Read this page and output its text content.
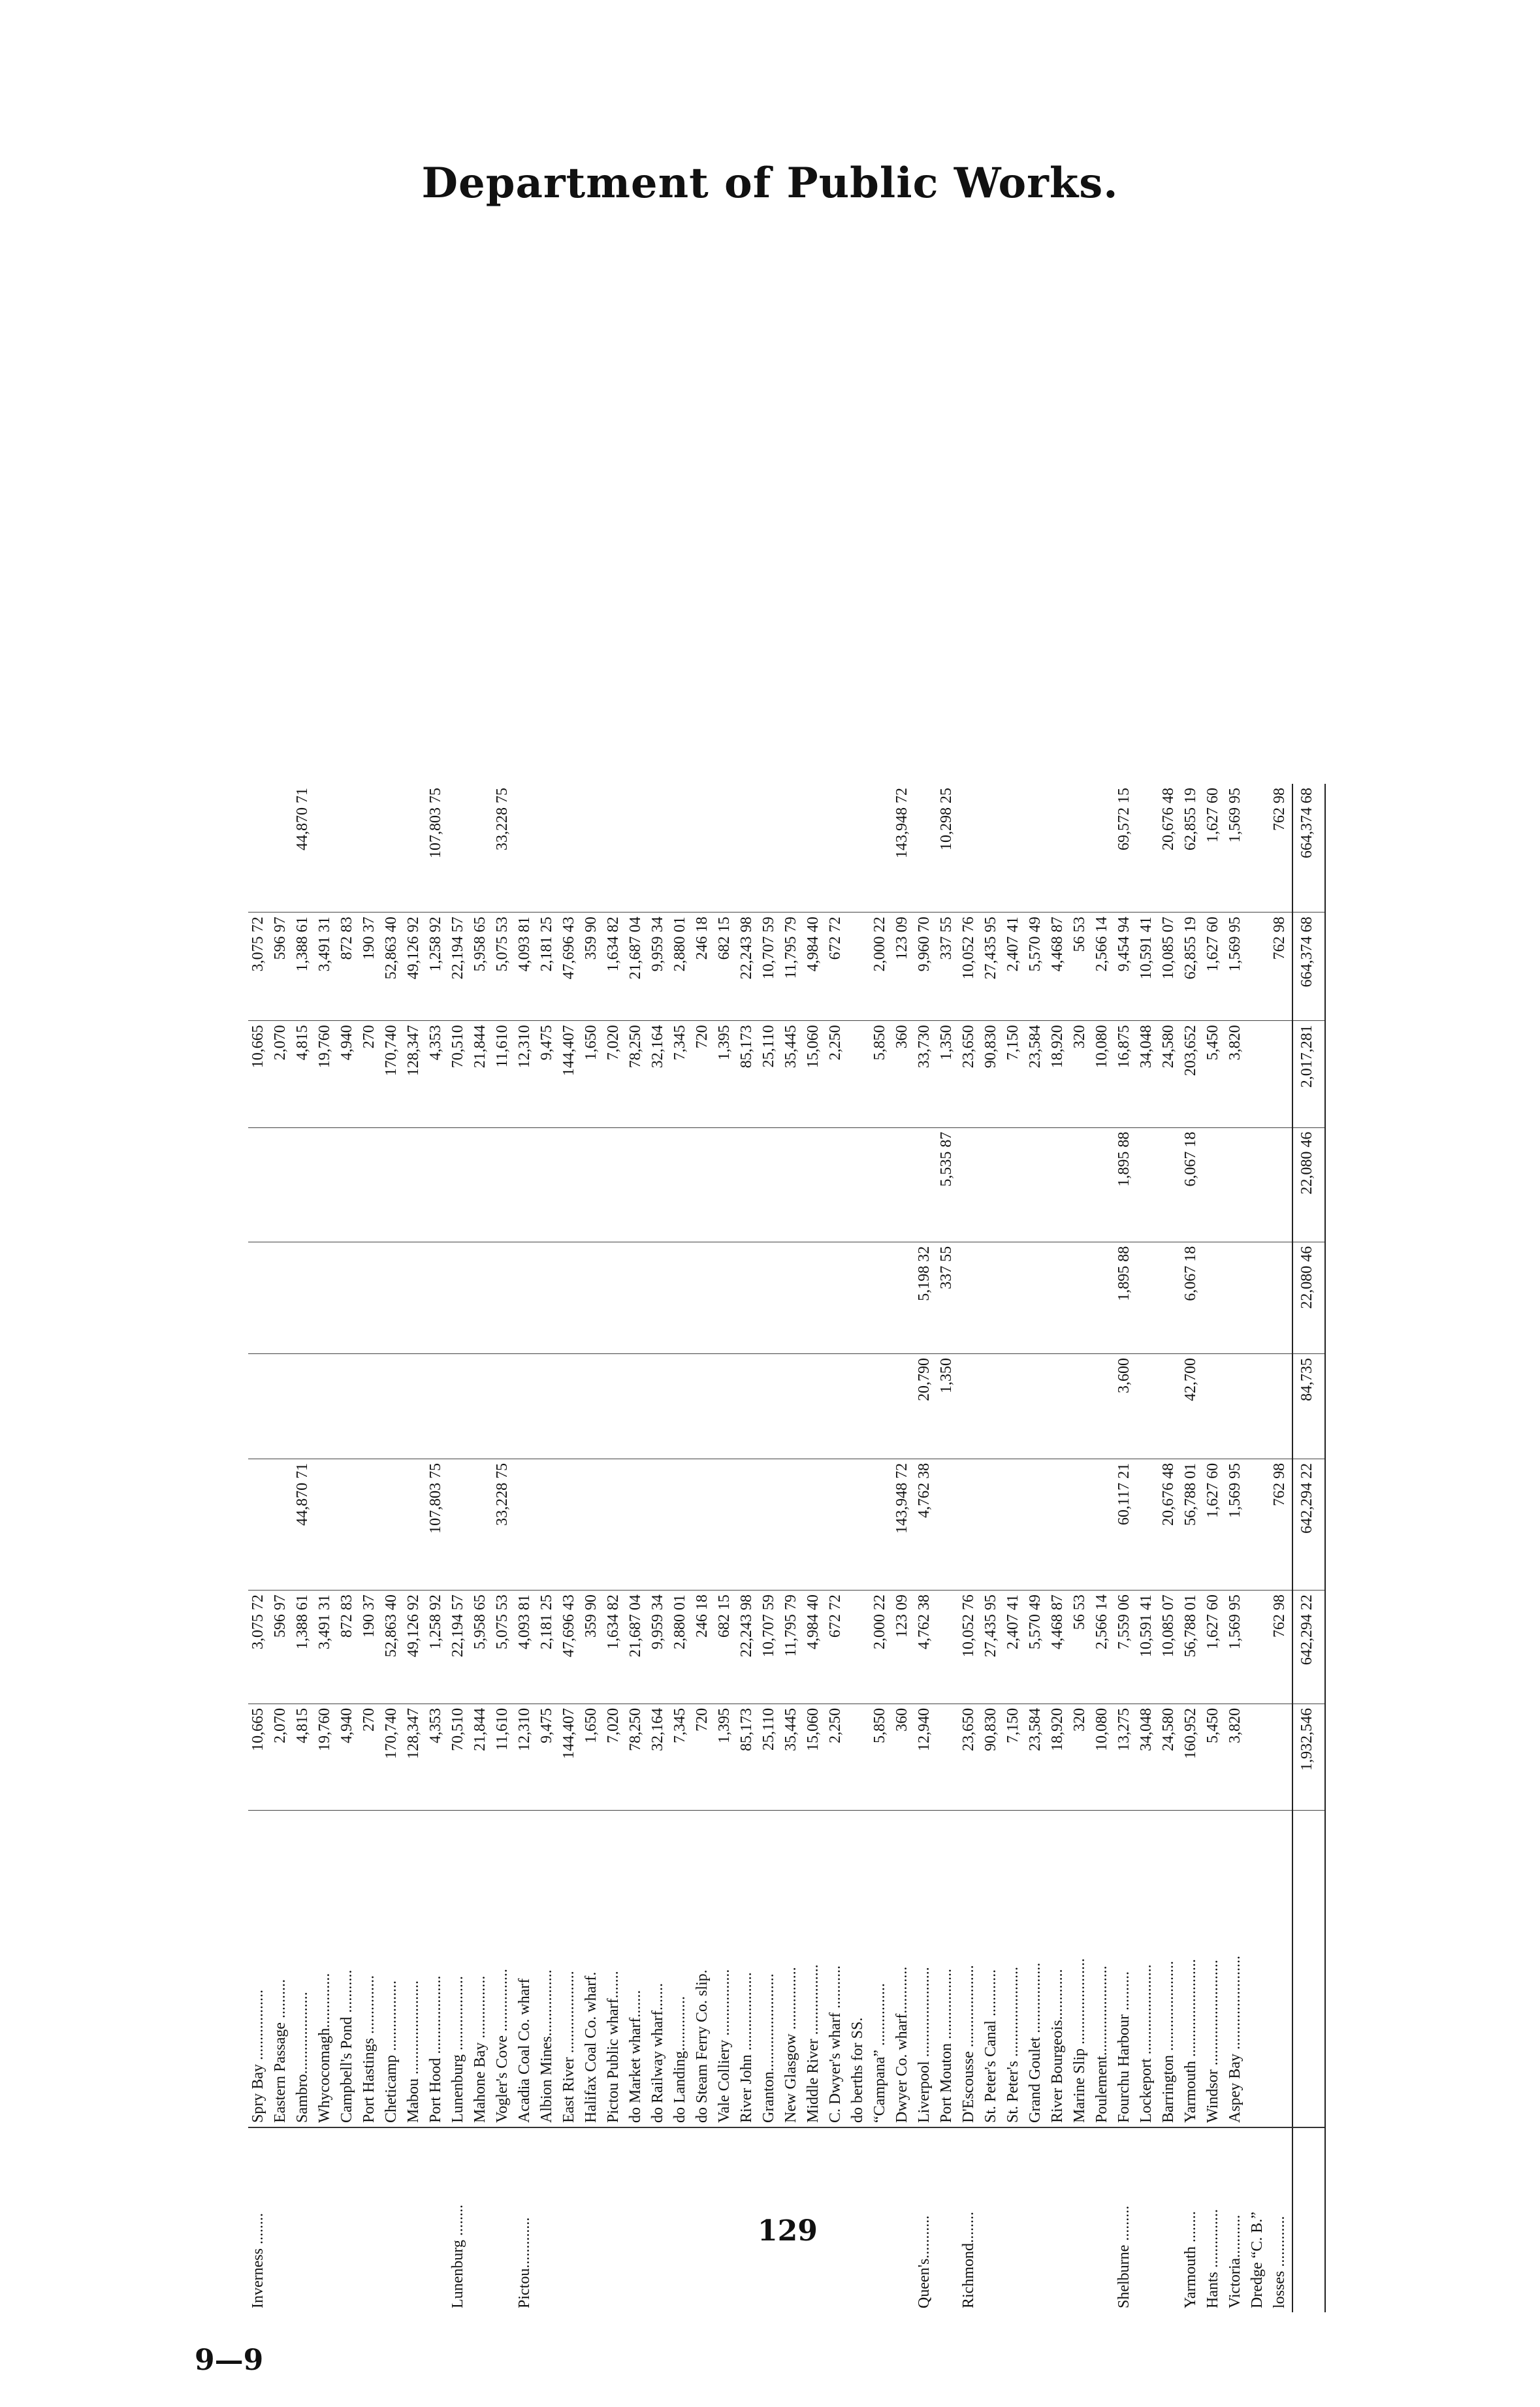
Department of Public Works.
Inverness ........	Spry Bay ..................	10,665	3,075 72					10,665	3,075 72	
	Eastern Passage ..........	2,070	596 97					2,070	596 97	
	Sambro.....................	4,815	1,388 61	44,870 71				4,815	1,388 61	44,870 71
	Whycocomagh..............	19,760	3,491 31					19,760	3,491 31	
	Campbell's Pond ...........	4,940	872 83					4,940	872 83	
	Port Hastings ...............	270	190 37					270	190 37	
	Cheticamp ..................	170,740	52,863 40					170,740	52,863 40	
	Mabou ........................	128,347	49,126 92					128,347	49,126 92	
	Port Hood ....................	4,353	1,258 92	107,803 75				4,353	1,258 92	107,803 75
Lunenburg ........	Lunenburg ...................	70,510	22,194 57					70,510	22,194 57	
	Mahone Bay ................	21,844	5,958 65					21,844	5,958 65	
	Vogler's Cove ................	11,610	5,075 53	33,228 75				11,610	5,075 53	33,228 75
Pictou.............	Acadia Coal Co. wharf	12,310	4,093 81					12,310	4,093 81	
	Albion Mines.................	9,475	2,181 25					9,475	2,181 25	
	East River .....................	144,407	47,696 43					144,407	47,696 43	
	Halifax Coal Co. wharf.	1,650	359 90					1,650	359 90	
	Pictou Public wharf.......	7,020	1,634 82					7,020	1,634 82	
	do Market wharf.......	78,250	21,687 04					78,250	21,687 04	
	do Railway wharf.......	32,164	9,959 34					32,164	9,959 34	
	do Landing..............	7,345	2,880 01					7,345	2,880 01	
	do Steam Ferry Co. slip.	720	246 18					720	246 18	
	Vale Colliery .................	1,395	682 15					1,395	682 15	
	River John ....................	85,173	22,243 98					85,173	22,243 98	
	Granton.........................	25,110	10,707 59					25,110	10,707 59	
	New Glasgow ................	35,445	11,795 79					35,445	11,795 79	
	Middle River ..................	15,060	4,984 40					15,060	4,984 40	
	C. Dwyer's wharf ...........	2,250	672 72					2,250	672 72	
	do berths for SS.									
	“Campana” ................	5,850	2,000 22					5,850	2,000 22	
	Dwyer Co. wharf............	360	123 09	143,948 72				360	123 09	143,948 72
Queen's...........	Liverpool .......................	12,940	4,762 38	4,762 38	20,790	5,198 32		33,730	9,960 70	
	Port Mouton ..................				1,350	337 55	5,535 87	1,350	337 55	10,298 25
Richmond........	D'Escousse .....................	23,650	10,052 76					23,650	10,052 76	
	St. Peter's Canal ............	90,830	27,435 95					90,830	27,435 95	
	St. Peter's .......................	7,150	2,407 41					7,150	2,407 41	
	Grand Goulet ..................	23,584	5,570 49					23,584	5,570 49	
	River Bourgeois.............	18,920	4,468 87					18,920	4,468 87	
	Marine Slip ......................	320	56 53					320	56 53	
	Poulement.......................	10,080	2,566 14					10,080	2,566 14	
Shelburne .........	Fourchu Harbour ..........	13,275	7,559 06	60,117 21	3,600	1,895 88	1,895 88	16,875	9,454 94	69,572 15
	Lockeport .......................	34,048	10,591 41					34,048	10,591 41	
	Barrington .......................	24,580	10,085 07	20,676 48				24,580	10,085 07	20,676 48
Yarmouth ........	Yarmouth .........................	160,952	56,788 01	56,788 01	42,700	6,067 18	6,067 18	203,652	62,855 19	62,855 19
Hants ...............	Windsor ...........................	5,450	1,627 60	1,627 60				5,450	1,627 60	1,627 60
Victoria...........	Aspey Bay ........................	3,820	1,569 95	1,569 95				3,820	1,569 95	1,569 95
Dredge “C. B.”										
losses .............			762 98	762 98					762 98	762 98
		1,932,546	642,294 22	642,294 22	84,735	22,080 46	22,080 46	2,017,281	664,374 68	664,374 68
129
9—9
